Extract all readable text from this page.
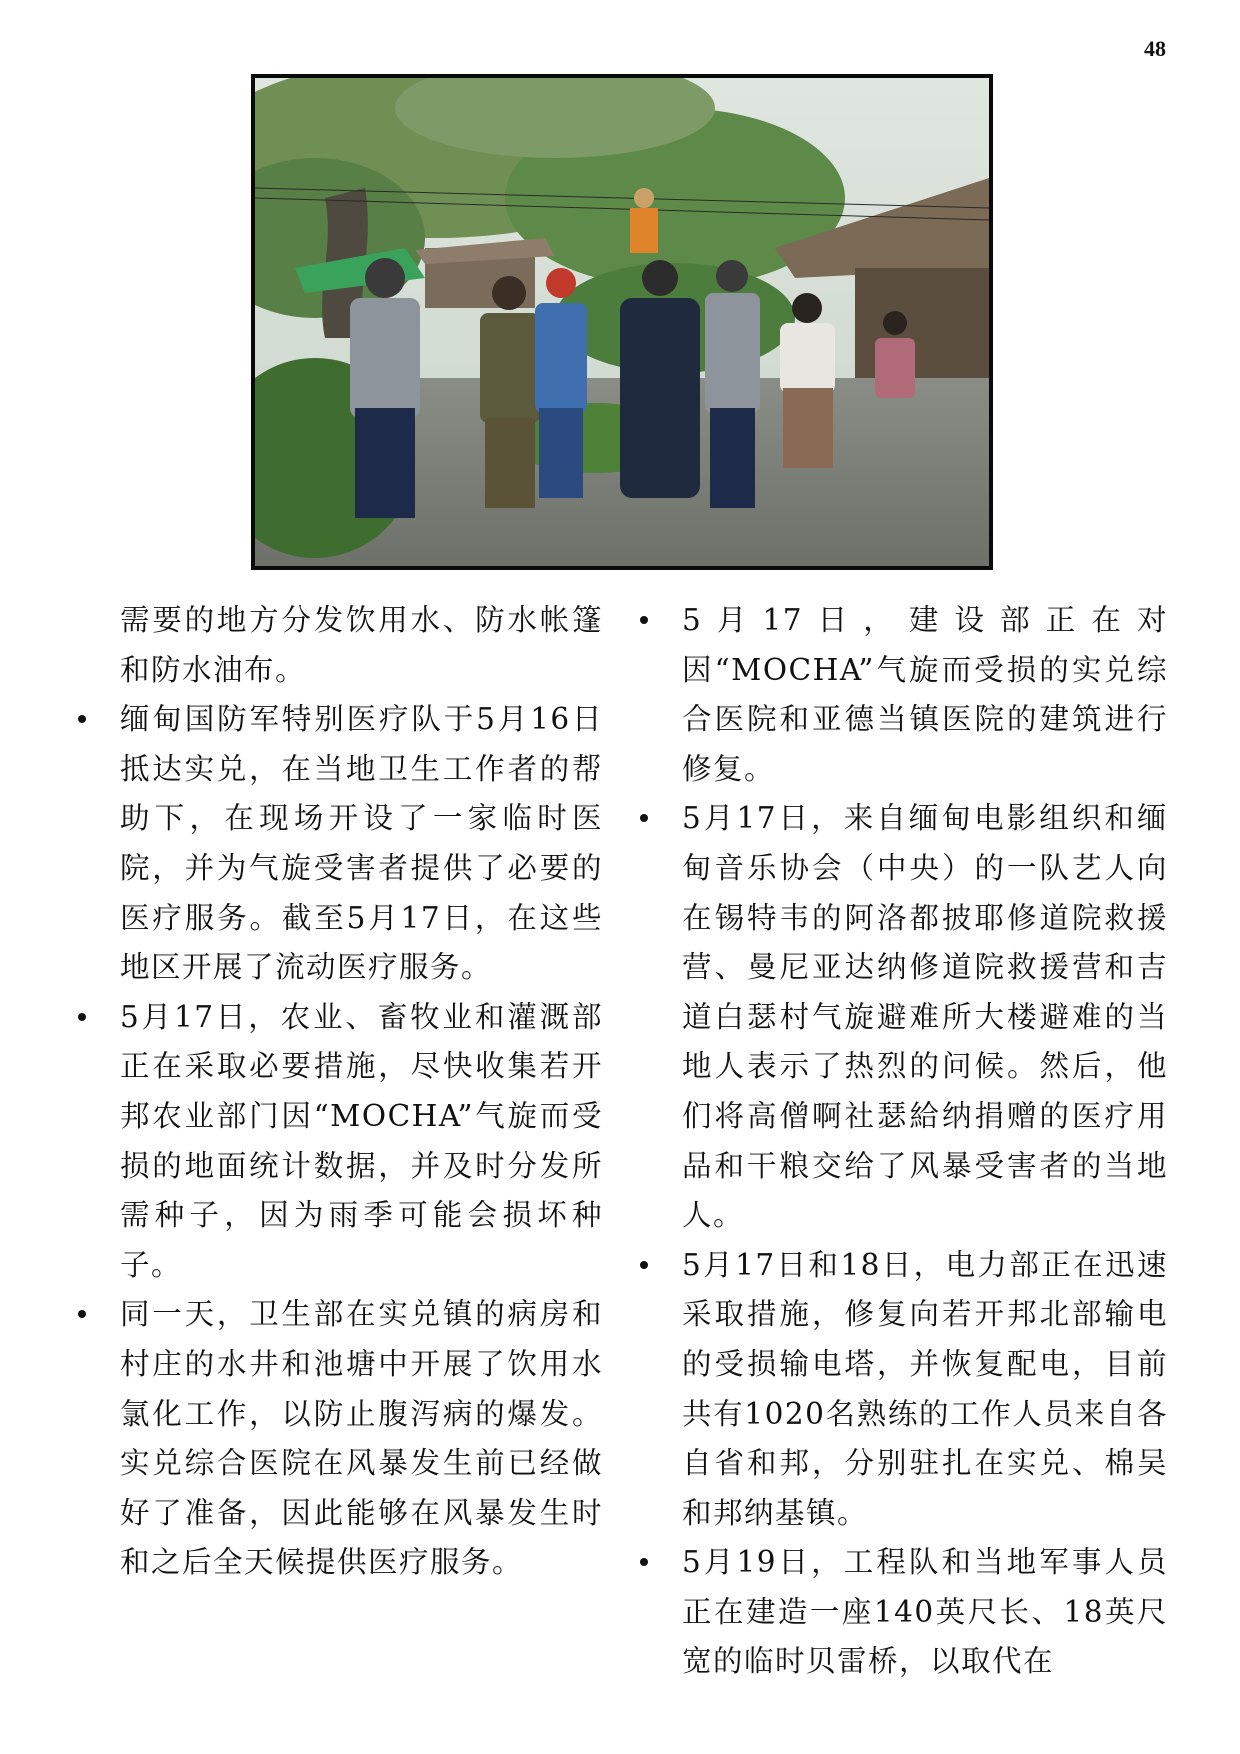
48

需要的地方分发饮用水、防水帐篷和防水油布。

缅甸国防军特别医疗队于5月16日抵达实兑，在当地卫生工作者的帮助下，在现场开设了一家临时医院，并为气旋受害者提供了必要的医疗服务。截至5月17日，在这些地区开展了流动医疗服务。
5月17日，农业、畜牧业和灌溉部正在采取必要措施，尽快收集若开邦农业部门因“MOCHA”气旋而受损的地面统计数据，并及时分发所需种子，因为雨季可能会损坏种子。
同一天，卫生部在实兑镇的病房和村庄的水井和池塘中开展了饮用水氯化工作，以防止腹泻病的爆发。实兑综合医院在风暴发生前已经做好了准备，因此能够在风暴发生时和之后全天候提供医疗服务。
5月17日，建设部正在对因“MOCHA”气旋而受损的实兑综合医院和亚德当镇医院的建筑进行修复。
5月17日，来自缅甸电影组织和缅甸音乐协会（中央）的一队艺人向在锡特韦的阿洛都披耶修道院救援营、曼尼亚达纳修道院救援营和吉道白瑟村气旋避难所大楼避难的当地人表示了热烈的问候。然后，他们将高僧啊社瑟給纳捐赠的医疗用品和干粮交给了风暴受害者的当地人。
5月17日和18日，电力部正在迅速采取措施，修复向若开邦北部输电的受损输电塔，并恢复配电，目前共有1020名熟练的工作人员来自各自省和邦，分别驻扎在实兑、棉吴和邦纳基镇。
5月19日，工程队和当地军事人员正在建造一座140英尺长、18英尺宽的临时贝雷桥，以取代在
